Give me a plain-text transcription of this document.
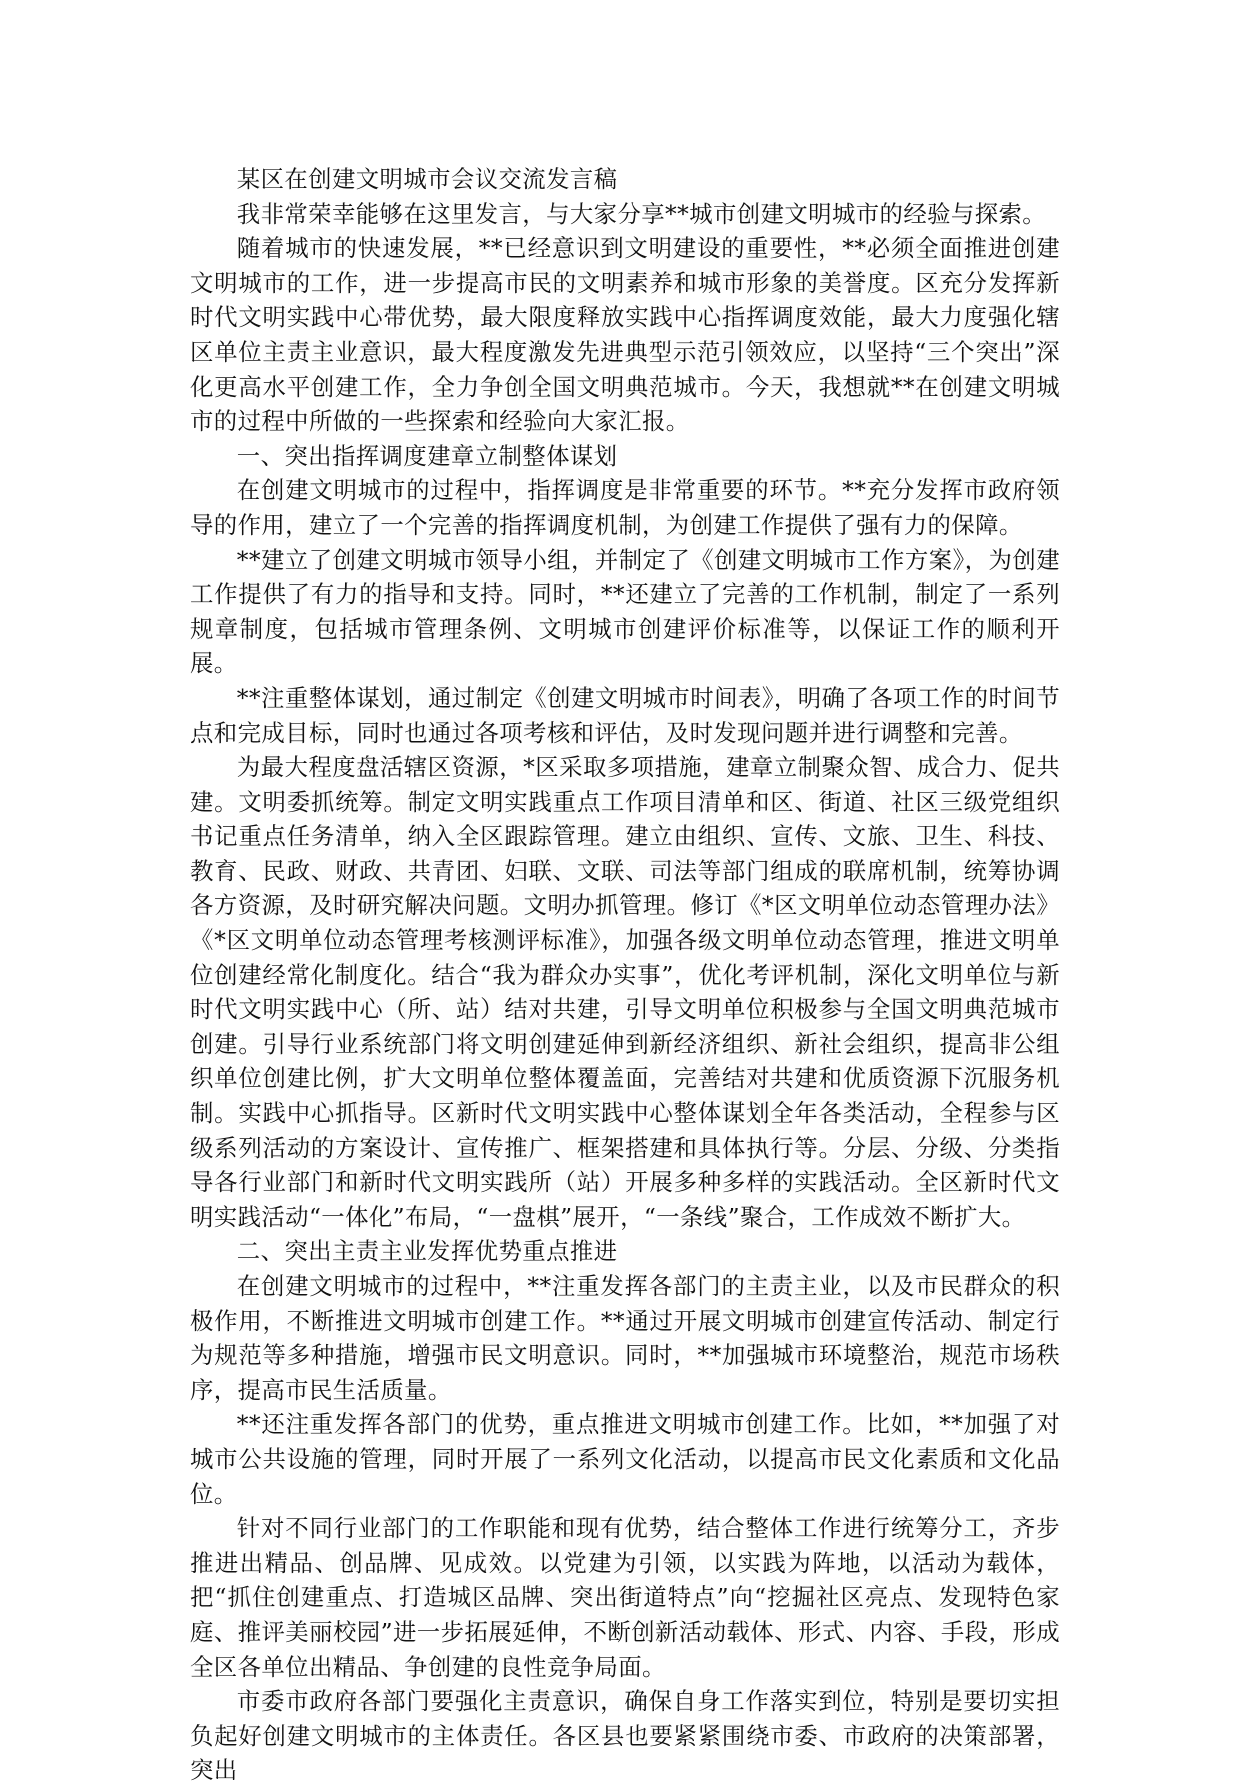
某区在创建文明城市会议交流发言稿

我非常荣幸能够在这里发言，与大家分享**城市创建文明城市的经验与探索。

随着城市的快速发展，**已经意识到文明建设的重要性，**必须全面推进创建文明城市的工作，进一步提高市民的文明素养和城市形象的美誉度。区充分发挥新时代文明实践中心带优势，最大限度释放实践中心指挥调度效能，最大力度强化辖区单位主责主业意识，最大程度激发先进典型示范引领效应，以坚持“三个突出”深化更高水平创建工作，全力争创全国文明典范城市。今天，我想就**在创建文明城市的过程中所做的一些探索和经验向大家汇报。

一、突出指挥调度建章立制整体谋划

在创建文明城市的过程中，指挥调度是非常重要的环节。**充分发挥市政府领导的作用，建立了一个完善的指挥调度机制，为创建工作提供了强有力的保障。

**建立了创建文明城市领导小组，并制定了《创建文明城市工作方案》，为创建工作提供了有力的指导和支持。同时，**还建立了完善的工作机制，制定了一系列规章制度，包括城市管理条例、文明城市创建评价标准等，以保证工作的顺利开展。

**注重整体谋划，通过制定《创建文明城市时间表》，明确了各项工作的时间节点和完成目标，同时也通过各项考核和评估，及时发现问题并进行调整和完善。

为最大程度盘活辖区资源，*区采取多项措施，建章立制聚众智、成合力、促共建。文明委抓统筹。制定文明实践重点工作项目清单和区、街道、社区三级党组织书记重点任务清单，纳入全区跟踪管理。建立由组织、宣传、文旅、卫生、科技、教育、民政、财政、共青团、妇联、文联、司法等部门组成的联席机制，统筹协调各方资源，及时研究解决问题。文明办抓管理。修订《*区文明单位动态管理办法》《*区文明单位动态管理考核测评标准》，加强各级文明单位动态管理，推进文明单位创建经常化制度化。结合“我为群众办实事”，优化考评机制，深化文明单位与新时代文明实践中心（所、站）结对共建，引导文明单位积极参与全国文明典范城市创建。引导行业系统部门将文明创建延伸到新经济组织、新社会组织，提高非公组织单位创建比例，扩大文明单位整体覆盖面，完善结对共建和优质资源下沉服务机制。实践中心抓指导。区新时代文明实践中心整体谋划全年各类活动，全程参与区级系列活动的方案设计、宣传推广、框架搭建和具体执行等。分层、分级、分类指导各行业部门和新时代文明实践所（站）开展多种多样的实践活动。全区新时代文明实践活动“一体化”布局，“一盘棋”展开，“一条线”聚合，工作成效不断扩大。

二、突出主责主业发挥优势重点推进

在创建文明城市的过程中，**注重发挥各部门的主责主业，以及市民群众的积极作用，不断推进文明城市创建工作。**通过开展文明城市创建宣传活动、制定行为规范等多种措施，增强市民文明意识。同时，**加强城市环境整治，规范市场秩序，提高市民生活质量。

**还注重发挥各部门的优势，重点推进文明城市创建工作。比如，**加强了对城市公共设施的管理，同时开展了一系列文化活动，以提高市民文化素质和文化品位。

针对不同行业部门的工作职能和现有优势，结合整体工作进行统筹分工，齐步推进出精品、创品牌、见成效。以党建为引领，以实践为阵地，以活动为载体，把“抓住创建重点、打造城区品牌、突出街道特点”向“挖掘社区亮点、发现特色家庭、推评美丽校园”进一步拓展延伸，不断创新活动载体、形式、内容、手段，形成全区各单位出精品、争创建的良性竞争局面。

市委市政府各部门要强化主责意识，确保自身工作落实到位，特别是要切实担负起好创建文明城市的主体责任。各区县也要紧紧围绕市委、市政府的决策部署，突出
